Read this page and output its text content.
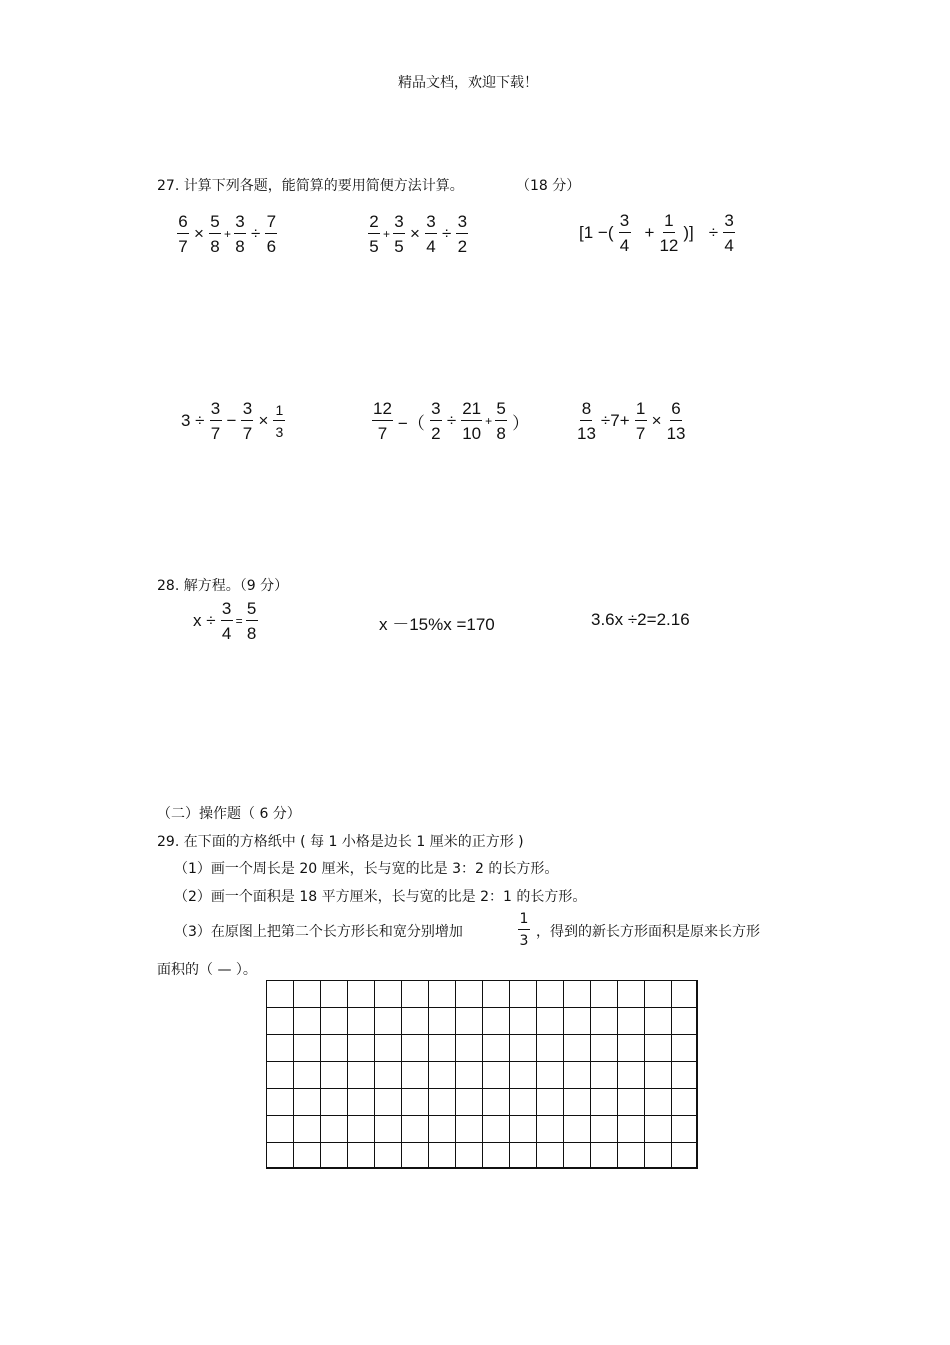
精品文档，欢迎下载！
27. 计算下列各题，能简算的要用简便方法计算。	（18 分）
$\frac{6}{7} \times \frac{5}{8} + \frac{3}{8} \div \frac{7}{6}$	$\frac{2}{5} + \frac{3}{5} \times \frac{3}{4} \div \frac{3}{2}$	[1 −( $\frac{3}{4} + \frac{1}{12}$ )] ÷ $\frac{3}{4}$
$3 \div \frac{3}{7} - \frac{3}{7} \times \frac{1}{3}$	$\frac{12}{7}$ −（ $\frac{3}{2} \div \frac{21}{10} + \frac{5}{8}$ ）	$\frac{8}{13} \div 7+ \frac{1}{7} \times \frac{6}{13}$
28. 解方程。（9 分）
$x \div \frac{3}{4} = \frac{5}{8}$	x －15%x =170	3.6x ÷2=2.16
（二）操作题（ 6 分）
29. 在下面的方格纸中 ( 每 1 小格是边长 1 厘米的正方形 )
（1）画一个周长是 20 厘米，长与宽的比是 3：2 的长方形。
（2）画一个面积是 18 平方厘米，长与宽的比是 2：1 的长方形。
（3）在原图上把第二个长方形长和宽分别增加	$\frac{1}{3}$ ，得到的新长方形面积是原来长方形
面积的（ — ）。
